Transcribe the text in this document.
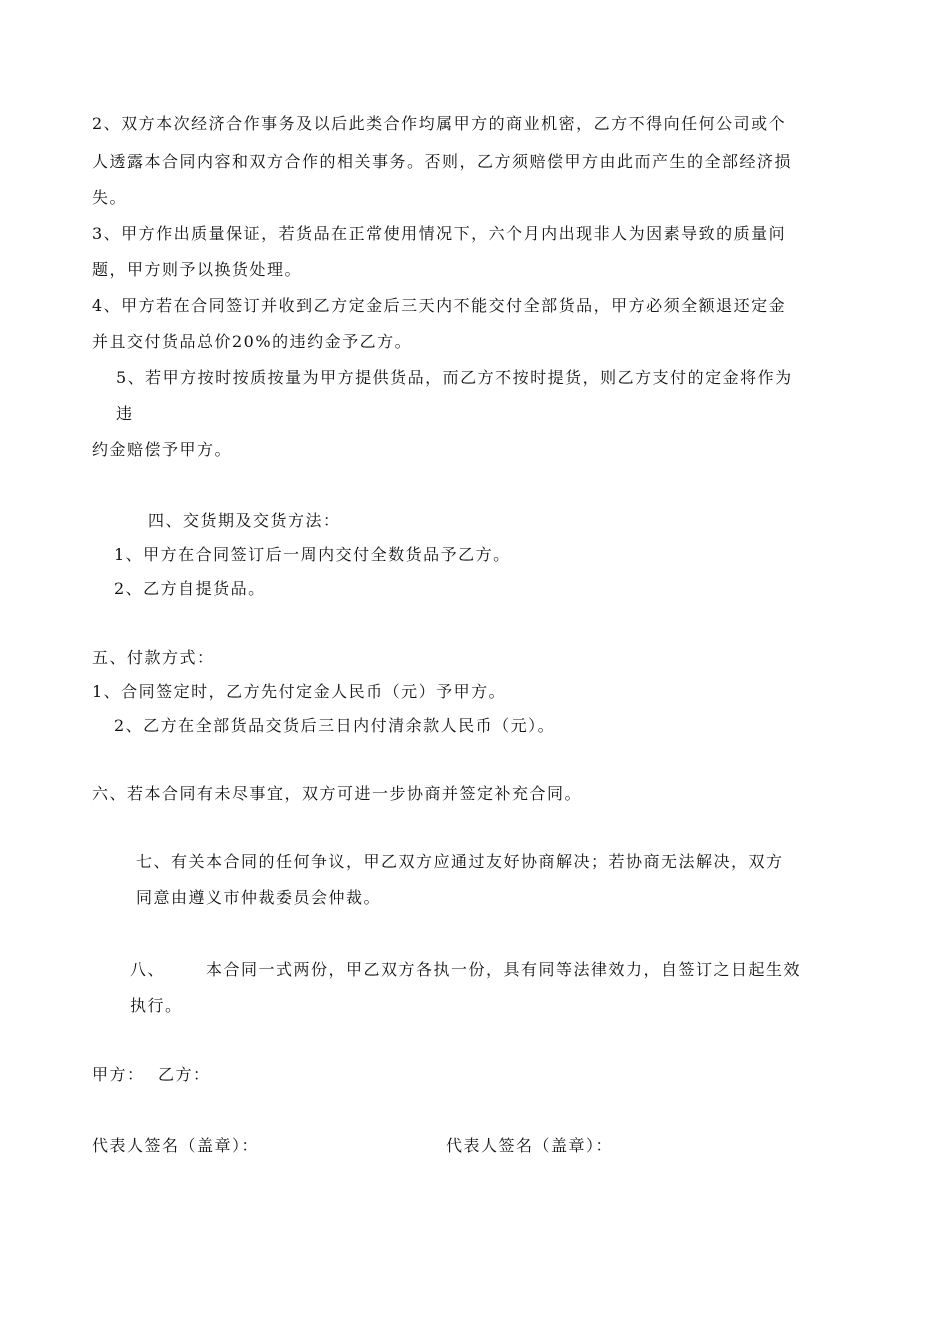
2、双方本次经济合作事务及以后此类合作均属甲方的商业机密，乙方不得向任何公司或个
人透露本合同内容和双方合作的相关事务。否则，乙方须赔偿甲方由此而产生的全部经济损
失。
3、甲方作出质量保证，若货品在正常使用情况下，六个月内出现非人为因素导致的质量问
题，甲方则予以换货处理。
4、甲方若在合同签订并收到乙方定金后三天内不能交付全部货品，甲方必须全额退还定金
并且交付货品总价20%的违约金予乙方。
5、若甲方按时按质按量为甲方提供货品，而乙方不按时提货，则乙方支付的定金将作为
违
约金赔偿予甲方。
四、交货期及交货方法：
1、甲方在合同签订后一周内交付全数货品予乙方。
2、乙方自提货品。
五、付款方式：
1、合同签定时，乙方先付定金人民币（元）予甲方。
2、乙方在全部货品交货后三日内付清余款人民币（元）。
六、若本合同有未尽事宜，双方可进一步协商并签定补充合同。
七、有关本合同的任何争议，甲乙双方应通过友好协商解决；若协商无法解决，双方
同意由遵义市仲裁委员会仲裁。
八、	本合同一式两份，甲乙双方各执一份，具有同等法律效力，自签订之日起生效
执行。
甲方： 乙方：
代表人签名（盖章）：	代表人签名（盖章）：
